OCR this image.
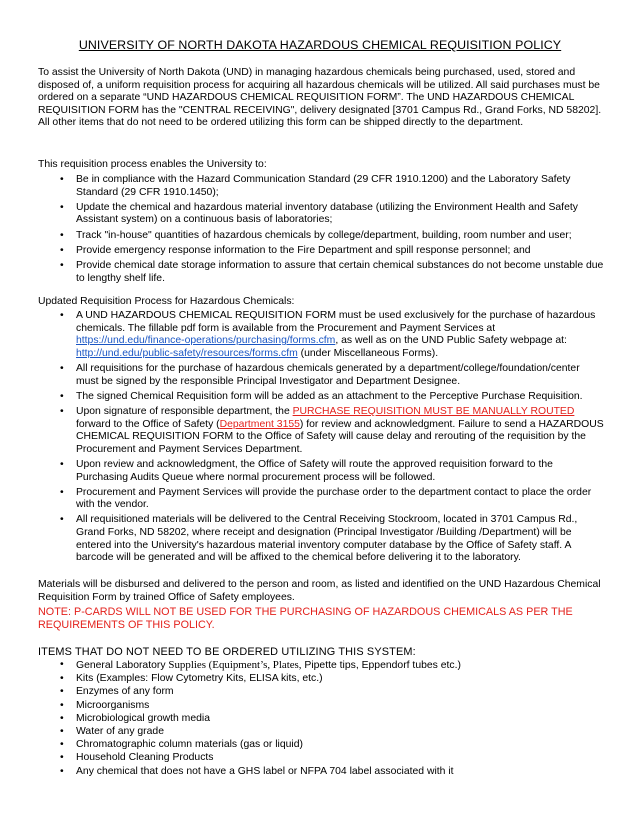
UNIVERSITY OF NORTH DAKOTA HAZARDOUS CHEMICAL REQUISITION POLICY

To assist the University of North Dakota (UND) in managing hazardous chemicals being purchased, used, stored and disposed of, a uniform requisition process for acquiring all hazardous chemicals will be utilized. All said purchases must be ordered on a separate “UND HAZARDOUS CHEMICAL REQUISITION FORM”. The UND HAZARDOUS CHEMICAL REQUISITION FORM has the "CENTRAL RECEIVING", delivery designated [3701 Campus Rd., Grand Forks, ND 58202]. All other items that do not need to be ordered utilizing this form can be shipped directly to the department.

This requisition process enables the University to:

• Be in compliance with the Hazard Communication Standard (29 CFR 1910.1200) and the Laboratory Safety Standard (29 CFR 1910.1450);
• Update the chemical and hazardous material inventory database (utilizing the Environment Health and Safety Assistant system) on a continuous basis of laboratories;
• Track "in-house" quantities of hazardous chemicals by college/department, building, room number and user;
• Provide emergency response information to the Fire Department and spill response personnel; and
• Provide chemical date storage information to assure that certain chemical substances do not become unstable due to lengthy shelf life.

Updated Requisition Process for Hazardous Chemicals:

• A UND HAZARDOUS CHEMICAL REQUISITION FORM must be used exclusively for the purchase of hazardous chemicals. The fillable pdf form is available from the Procurement and Payment Services at https://und.edu/finance-operations/purchasing/forms.cfm, as well as on the UND Public Safety webpage at: http://und.edu/public-safety/resources/forms.cfm (under Miscellaneous Forms).
• All requisitions for the purchase of hazardous chemicals generated by a department/college/foundation/center must be signed by the responsible Principal Investigator and Department Designee.
• The signed Chemical Requisition form will be added as an attachment to the Perceptive Purchase Requisition.
• Upon signature of responsible department, the PURCHASE REQUISITION MUST BE MANUALLY ROUTED forward to the Office of Safety (Department 3155) for review and acknowledgment. Failure to send a HAZARDOUS CHEMICAL REQUISITION FORM to the Office of Safety will cause delay and rerouting of the requisition by the Procurement and Payment Services Department.
• Upon review and acknowledgment, the Office of Safety will route the approved requisition forward to the Purchasing Audits Queue where normal procurement process will be followed.
• Procurement and Payment Services will provide the purchase order to the department contact to place the order with the vendor.
• All requisitioned materials will be delivered to the Central Receiving Stockroom, located in 3701 Campus Rd., Grand Forks, ND 58202, where receipt and designation (Principal Investigator /Building /Department) will be entered into the University's hazardous material inventory computer database by the Office of Safety staff. A barcode will be generated and will be affixed to the chemical before delivering it to the laboratory.

Materials will be disbursed and delivered to the person and room, as listed and identified on the UND Hazardous Chemical Requisition Form by trained Office of Safety employees.

NOTE: P-CARDS WILL NOT BE USED FOR THE PURCHASING OF HAZARDOUS CHEMICALS AS PER THE REQUIREMENTS OF THIS POLICY.

ITEMS THAT DO NOT NEED TO BE ORDERED UTILIZING THIS SYSTEM:
• General Laboratory Supplies (Equipment’s, Plates, Pipette tips, Eppendorf tubes etc.)
• Kits (Examples: Flow Cytometry Kits, ELISA kits, etc.)
• Enzymes of any form
• Microorganisms
• Microbiological growth media
• Water of any grade
• Chromatographic column materials (gas or liquid)
• Household Cleaning Products
• Any chemical that does not have a GHS label or NFPA 704 label associated with it
